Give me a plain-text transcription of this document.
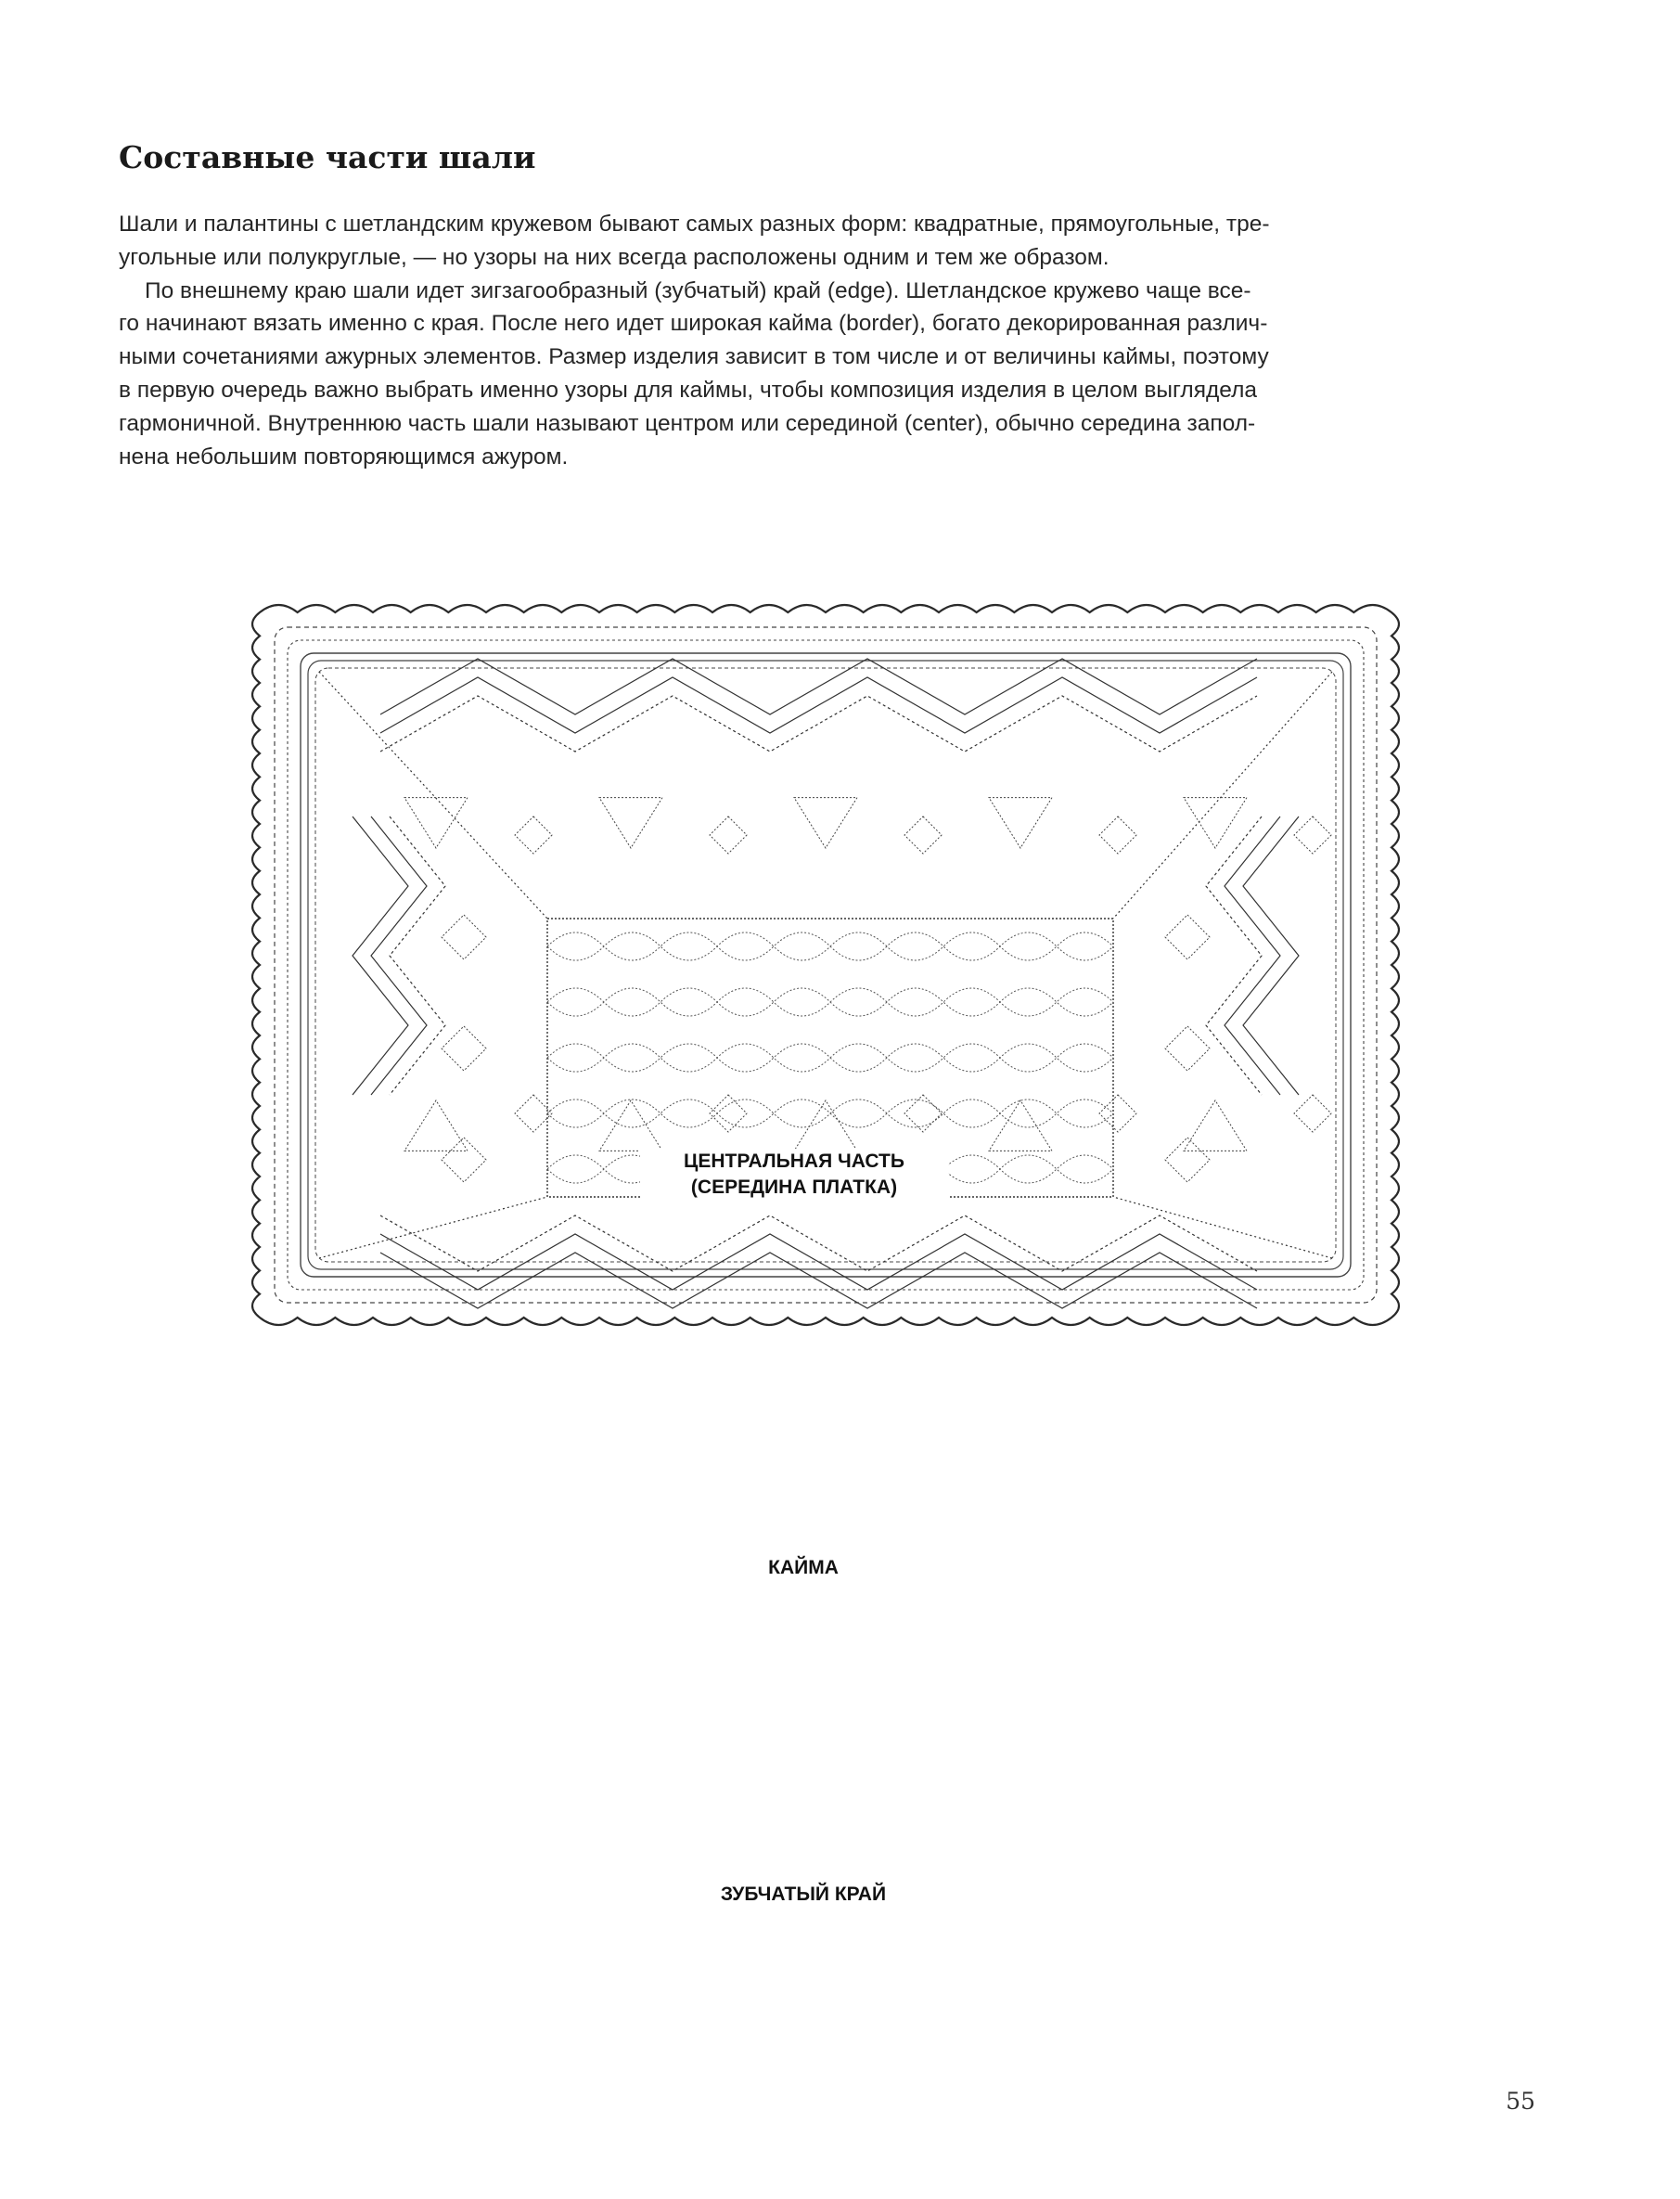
Составные части шали
Шали и палантины с шетландским кружевом бывают самых разных форм: квадратные, прямоугольные, тре-
угольные или полукруглые, — но узоры на них всегда расположены одним и тем же образом.
По внешнему краю шали идет зигзагообразный (зубчатый) край (edge). Шетландское кружево чаще все-
го начинают вязать именно с края. После него идет широкая кайма (border), богато декорированная различ-
ными сочетаниями ажурных элементов. Размер изделия зависит в том числе и от величины каймы, поэтому
в первую очередь важно выбрать именно узоры для каймы, чтобы композиция изделия в целом выглядела
гармоничной. Внутреннюю часть шали называют центром или серединой (center), обычно середина запол-
нена небольшим повторяющимся ажуром.
ЦЕНТРАЛЬНАЯ ЧАСТЬ
(СЕРЕДИНА ПЛАТКА)
КАЙМА
ЗУБЧАТЫЙ КРАЙ
55
